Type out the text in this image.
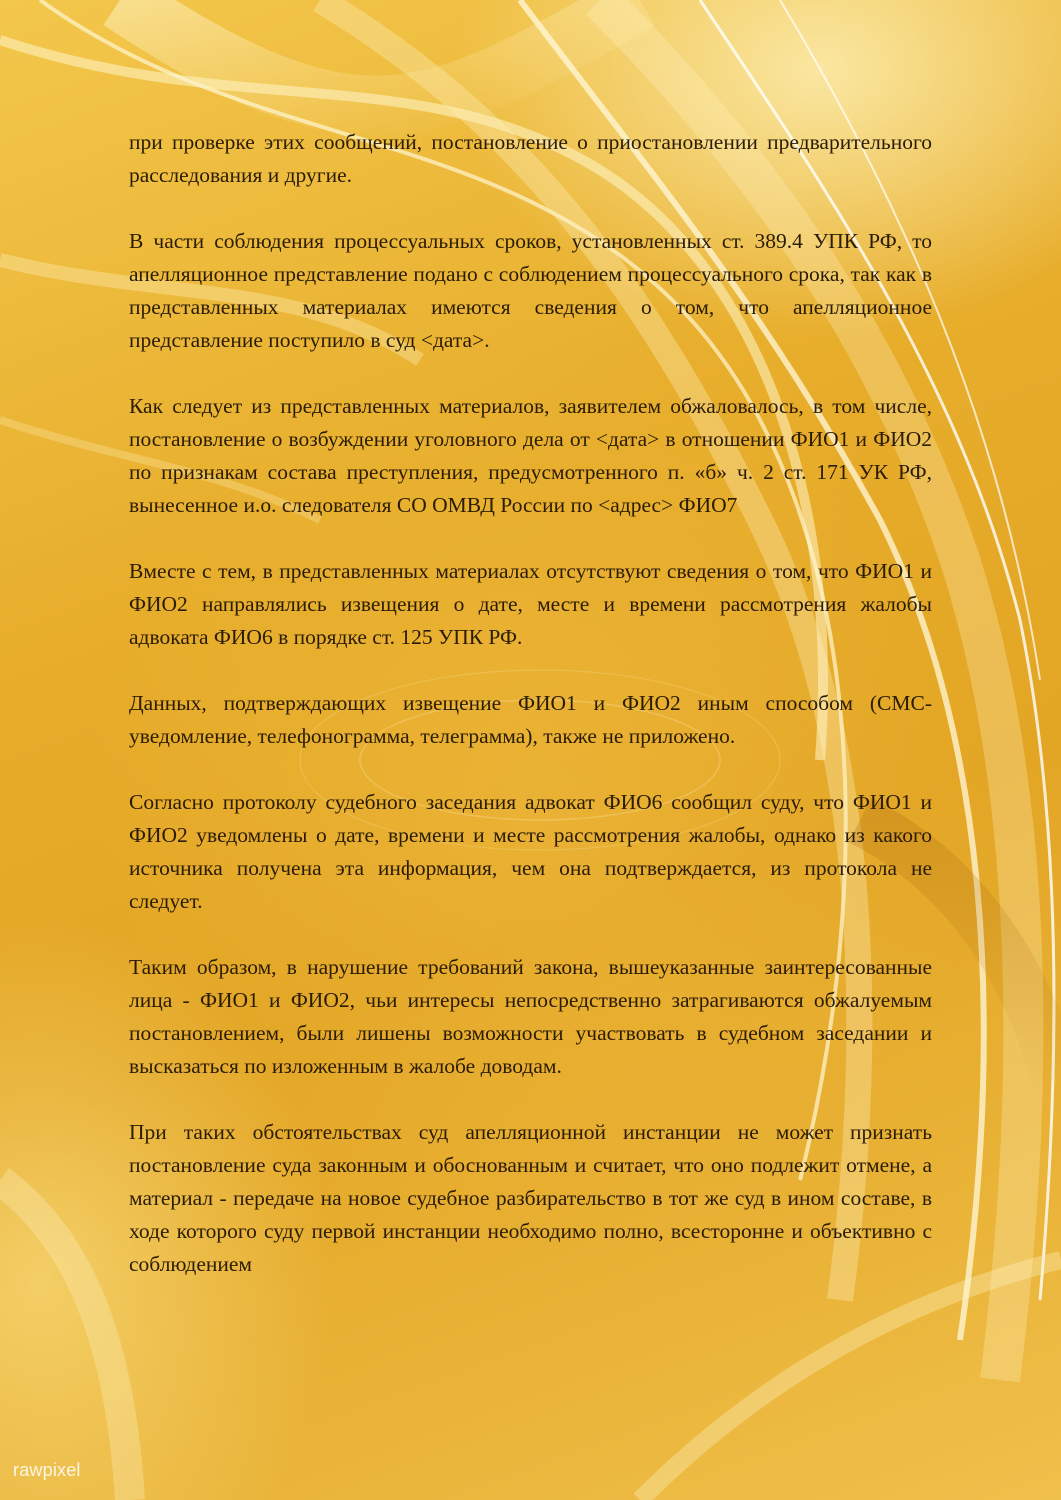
при проверке этих сообщений, постановление о приостановлении предварительного расследования и другие.

В части соблюдения процессуальных сроков, установленных ст. 389.4 УПК РФ, то апелляционное представление подано с соблюдением процессуального срока, так как в представленных материалах имеются сведения о том, что апелляционное представление поступило в суд <дата>.

Как следует из представленных материалов, заявителем обжаловалось, в том числе, постановление о возбуждении уголовного дела от <дата> в отношении ФИО1 и ФИО2 по признакам состава преступления, предусмотренного п. «б» ч. 2 ст. 171 УК РФ, вынесенное и.о. следователя СО ОМВД России по <адрес> ФИО7

Вместе с тем, в представленных материалах отсутствуют сведения о том, что ФИО1 и ФИО2 направлялись извещения о дате, месте и времени рассмотрения жалобы адвоката ФИО6 в порядке ст. 125 УПК РФ.

Данных, подтверждающих извещение ФИО1 и ФИО2 иным способом (СМС-уведомление, телефонограмма, телеграмма), также не приложено.

Согласно протоколу судебного заседания адвокат ФИО6 сообщил суду, что ФИО1 и ФИО2 уведомлены о дате, времени и месте рассмотрения жалобы, однако из какого источника получена эта информация, чем она подтверждается, из протокола не следует.

Таким образом, в нарушение требований закона, вышеуказанные заинтересованные лица - ФИО1 и ФИО2, чьи интересы непосредственно затрагиваются обжалуемым постановлением, были лишены возможности участвовать в судебном заседании и высказаться по изложенным в жалобе доводам.

При таких обстоятельствах суд апелляционной инстанции не может признать постановление суда законным и обоснованным и считает, что оно подлежит отмене, а материал - передаче на новое судебное разбирательство в тот же суд в ином составе, в ходе которого суду первой инстанции необходимо полно, всесторонне и объективно с соблюдением

rawpixel
